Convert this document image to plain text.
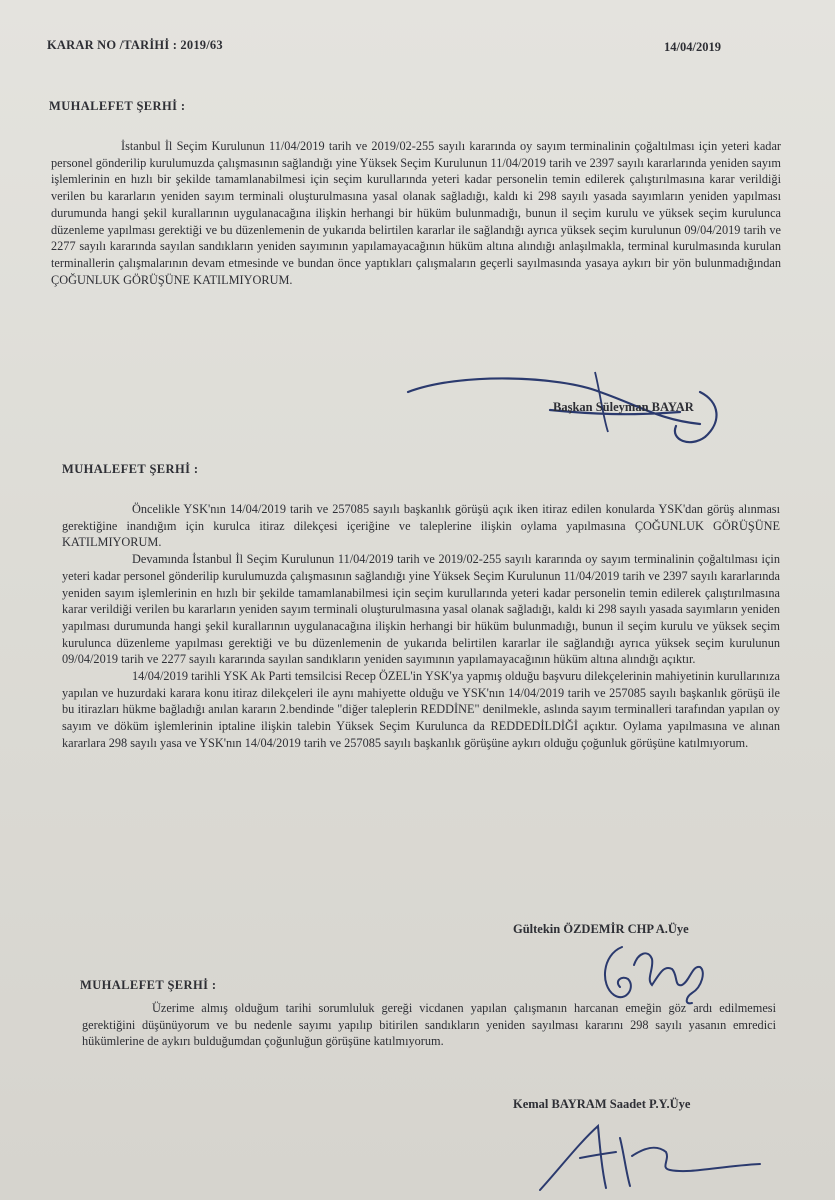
KARAR NO /TARİHİ : 2019/63	14/04/2019
MUHALEFET ŞERHİ :

İstanbul İl Seçim Kurulunun 11/04/2019 tarih ve 2019/02-255 sayılı kararında oy sayım terminalinin çoğaltılması için yeteri kadar personel gönderilip kurulumuzda çalışmasının sağlandığı yine Yüksek Seçim Kurulunun 11/04/2019 tarih ve 2397 sayılı kararlarında yeniden sayım işlemlerinin en hızlı bir şekilde tamamlanabilmesi için seçim kurullarında yeteri kadar personelin temin edilerek çalıştırılmasına karar verildiği verilen bu kararların yeniden sayım terminali oluşturulmasına yasal olanak sağladığı, kaldı ki 298 sayılı yasada sayımların yeniden yapılması durumunda hangi şekil kurallarının uygulanacağına ilişkin herhangi bir hüküm bulunmadığı, bunun il seçim kurulu ve yüksek seçim kurulunca düzenleme yapılması gerektiği ve bu düzenlemenin de yukarıda belirtilen kararlar ile sağlandığı ayrıca yüksek seçim kurulunun 09/04/2019 tarih ve 2277 sayılı kararında sayılan sandıkların yeniden sayımının yapılamayacağının hüküm altına alındığı anlaşılmakla, terminal kurulmasında kurulan terminallerin çalışmalarının devam etmesinde ve bundan önce yaptıkları çalışmaların geçerli sayılmasında yasaya aykırı bir yön bulunmadığından ÇOĞUNLUK GÖRÜŞÜNE KATILMIYORUM.

Başkan Süleyman BAYAR
MUHALEFET ŞERHİ :

Öncelikle YSK'nın 14/04/2019 tarih ve 257085 sayılı başkanlık görüşü açık iken itiraz edilen konularda YSK'dan görüş alınması gerektiğine inandığım için kurulca itiraz dilekçesi içeriğine ve taleplerine ilişkin oylama yapılmasına ÇOĞUNLUK GÖRÜŞÜNE KATILMIYORUM.

Devamında İstanbul İl Seçim Kurulunun 11/04/2019 tarih ve 2019/02-255 sayılı kararında oy sayım terminalinin çoğaltılması için yeteri kadar personel gönderilip kurulumuzda çalışmasının sağlandığı yine Yüksek Seçim Kurulunun 11/04/2019 tarih ve 2397 sayılı kararlarında yeniden sayım işlemlerinin en hızlı bir şekilde tamamlanabilmesi için seçim kurullarında yeteri kadar personelin temin edilerek çalıştırılmasına karar verildiği verilen bu kararların yeniden sayım terminali oluşturulmasına yasal olanak sağladığı, kaldı ki 298 sayılı yasada sayımların yeniden yapılması durumunda hangi şekil kurallarının uygulanacağına ilişkin herhangi bir hüküm bulunmadığı, bunun il seçim kurulu ve yüksek seçim kurulunca düzenleme yapılması gerektiği ve bu düzenlemenin de yukarıda belirtilen kararlar ile sağlandığı ayrıca yüksek seçim kurulunun 09/04/2019 tarih ve 2277 sayılı kararında sayılan sandıkların yeniden sayımının yapılamayacağının hüküm altına alındığı açıktır.

14/04/2019 tarihli YSK Ak Parti temsilcisi Recep ÖZEL'in YSK'ya yapmış olduğu başvuru dilekçelerinin mahiyetinin kurullarınıza yapılan ve huzurdaki karara konu itiraz dilekçeleri ile aynı mahiyette olduğu ve YSK'nın 14/04/2019 tarih ve 257085 sayılı başkanlık görüşü ile bu itirazları hükme bağladığı anılan kararın 2.bendinde "diğer taleplerin REDDİNE" denilmekle, aslında sayım terminalleri tarafından yapılan oy sayım ve döküm işlemlerinin iptaline ilişkin talebin Yüksek Seçim Kurulunca da REDDEDİLDİĞİ açıktır. Oylama yapılmasına ve alınan kararlara 298 sayılı yasa ve YSK'nın 14/04/2019 tarih ve 257085 sayılı başkanlık görüşüne aykırı olduğu çoğunluk görüşüne katılmıyorum.

Gültekin ÖZDEMİR CHP A.Üye
MUHALEFET ŞERHİ :

Üzerime almış olduğum tarihi sorumluluk gereği vicdanen yapılan çalışmanın harcanan emeğin göz ardı edilmemesi gerektiğini düşünüyorum ve bu nedenle sayımı yapılıp bitirilen sandıkların yeniden sayılması kararını 298 sayılı yasanın emredici hükümlerine de aykırı bulduğumdan çoğunluğun görüşüne katılmıyorum.

Kemal BAYRAM Saadet P.Y.Üye
